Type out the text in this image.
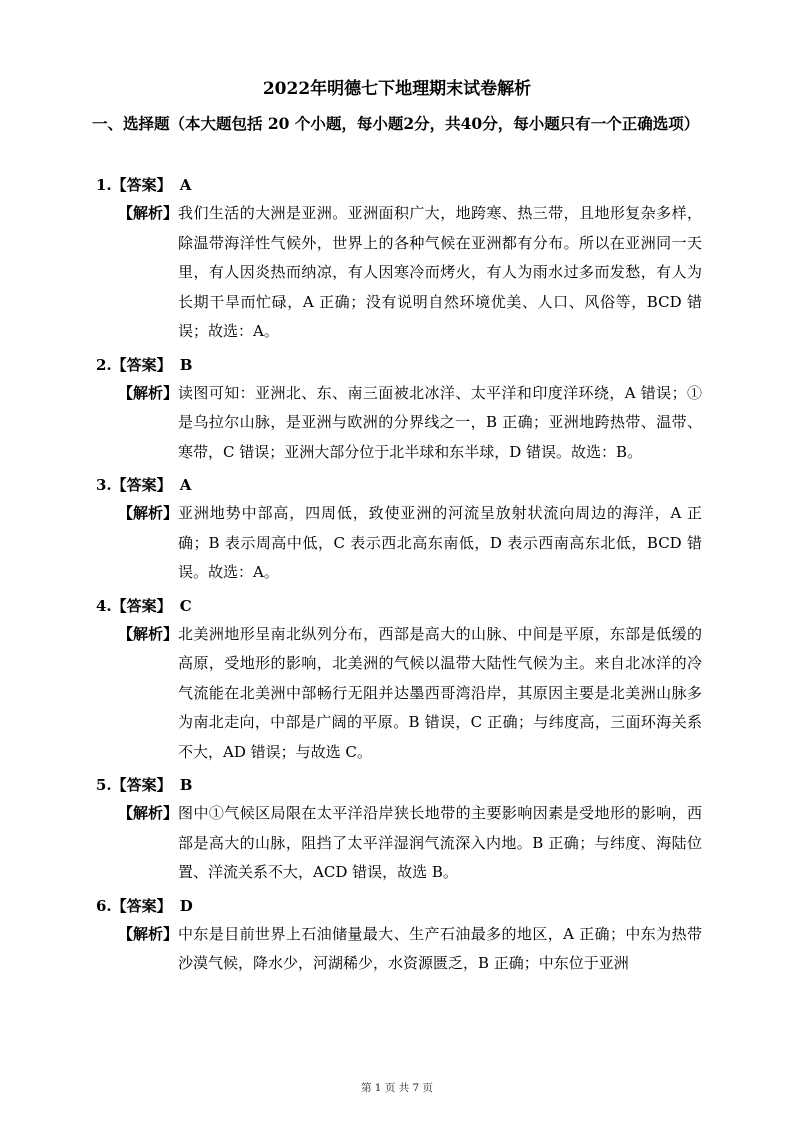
2022年明德七下地理期末试卷解析
一、选择题（本大题包括 20 个小题，每小题2分，共40分，每小题只有一个正确选项）
1.【答案】 A
【解析】 我们生活的大洲是亚洲。亚洲面积广大，地跨寒、热三带，且地形复杂多样，除温带海洋性气候外，世界上的各种气候在亚洲都有分布。所以在亚洲同一天里，有人因炎热而纳凉，有人因寒冷而烤火，有人为雨水过多而发愁，有人为长期干旱而忙碌，A 正确；没有说明自然环境优美、人口、风俗等，BCD 错误；故选：A。
2.【答案】 B
【解析】 读图可知：亚洲北、东、南三面被北冰洋、太平洋和印度洋环绕，A 错误；①是乌拉尔山脉，是亚洲与欧洲的分界线之一，B 正确；亚洲地跨热带、温带、寒带，C 错误；亚洲大部分位于北半球和东半球，D 错误。故选：B。
3.【答案】 A
【解析】 亚洲地势中部高，四周低，致使亚洲的河流呈放射状流向周边的海洋，A 正确；B 表示周高中低，C 表示西北高东南低，D 表示西南高东北低，BCD 错误。故选：A。
4.【答案】 C
【解析】 北美洲地形呈南北纵列分布，西部是高大的山脉、中间是平原，东部是低缓的高原，受地形的影响，北美洲的气候以温带大陆性气候为主。来自北冰洋的冷气流能在北美洲中部畅行无阻并达墨西哥湾沿岸，其原因主要是北美洲山脉多为南北走向，中部是广阔的平原。B 错误，C 正确；与纬度高，三面环海关系不大，AD 错误；与故选 C。
5.【答案】 B
【解析】 图中①气候区局限在太平洋沿岸狭长地带的主要影响因素是受地形的影响，西部是高大的山脉，阻挡了太平洋湿润气流深入内地。B 正确；与纬度、海陆位置、洋流关系不大，ACD 错误，故选 B。
6.【答案】 D
【解析】 中东是目前世界上石油储量最大、生产石油最多的地区，A 正确；中东为热带沙漠气候，降水少，河湖稀少，水资源匮乏，B 正确；中东位于亚洲
第 1 页 共 7 页
